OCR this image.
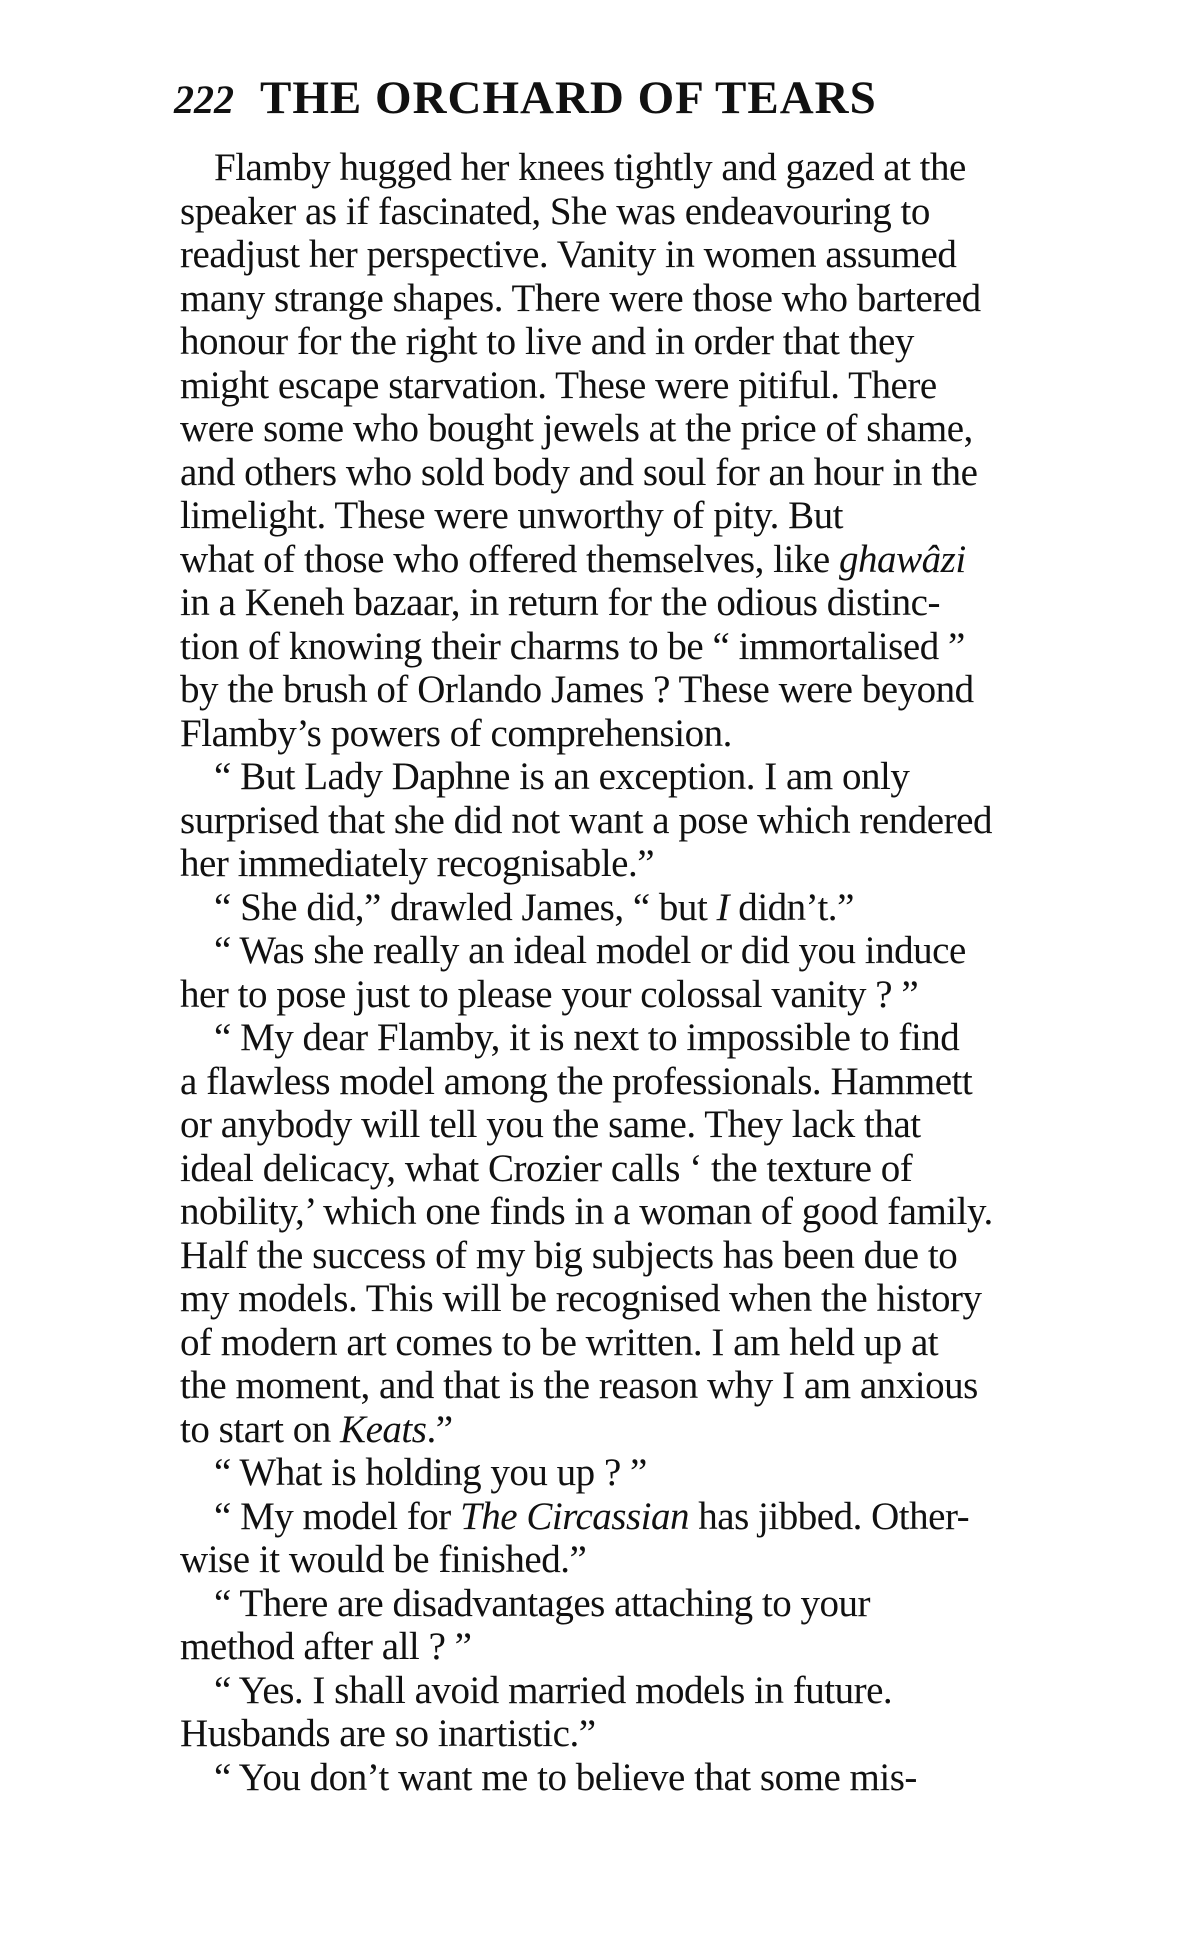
222 THE ORCHARD OF TEARS
Flamby hugged her knees tightly and gazed at the
speaker as if fascinated, She was endeavouring to
readjust her perspective. Vanity in women assumed
many strange shapes. There were those who bartered
honour for the right to live and in order that they
might escape starvation. These were pitiful. There
were some who bought jewels at the price of shame,
and others who sold body and soul for an hour in the
limelight. These were unworthy of pity. But
what of those who offered themselves, like ghawâzi
in a Keneh bazaar, in return for the odious distinc-
tion of knowing their charms to be “ immortalised ”
by the brush of Orlando James ? These were beyond
Flamby’s powers of comprehension.
“ But Lady Daphne is an exception. I am only
surprised that she did not want a pose which rendered
her immediately recognisable.”
“ She did,” drawled James, “ but I didn’t.”
“ Was she really an ideal model or did you induce
her to pose just to please your colossal vanity ? ”
“ My dear Flamby, it is next to impossible to find
a flawless model among the professionals. Hammett
or anybody will tell you the same. They lack that
ideal delicacy, what Crozier calls ‘ the texture of
nobility,’ which one finds in a woman of good family.
Half the success of my big subjects has been due to
my models. This will be recognised when the history
of modern art comes to be written. I am held up at
the moment, and that is the reason why I am anxious
to start on Keats.”
“ What is holding you up ? ”
“ My model for The Circassian has jibbed. Other-
wise it would be finished.”
“ There are disadvantages attaching to your
method after all ? ”
“ Yes. I shall avoid married models in future.
Husbands are so inartistic.”
“ You don’t want me to believe that some mis-
